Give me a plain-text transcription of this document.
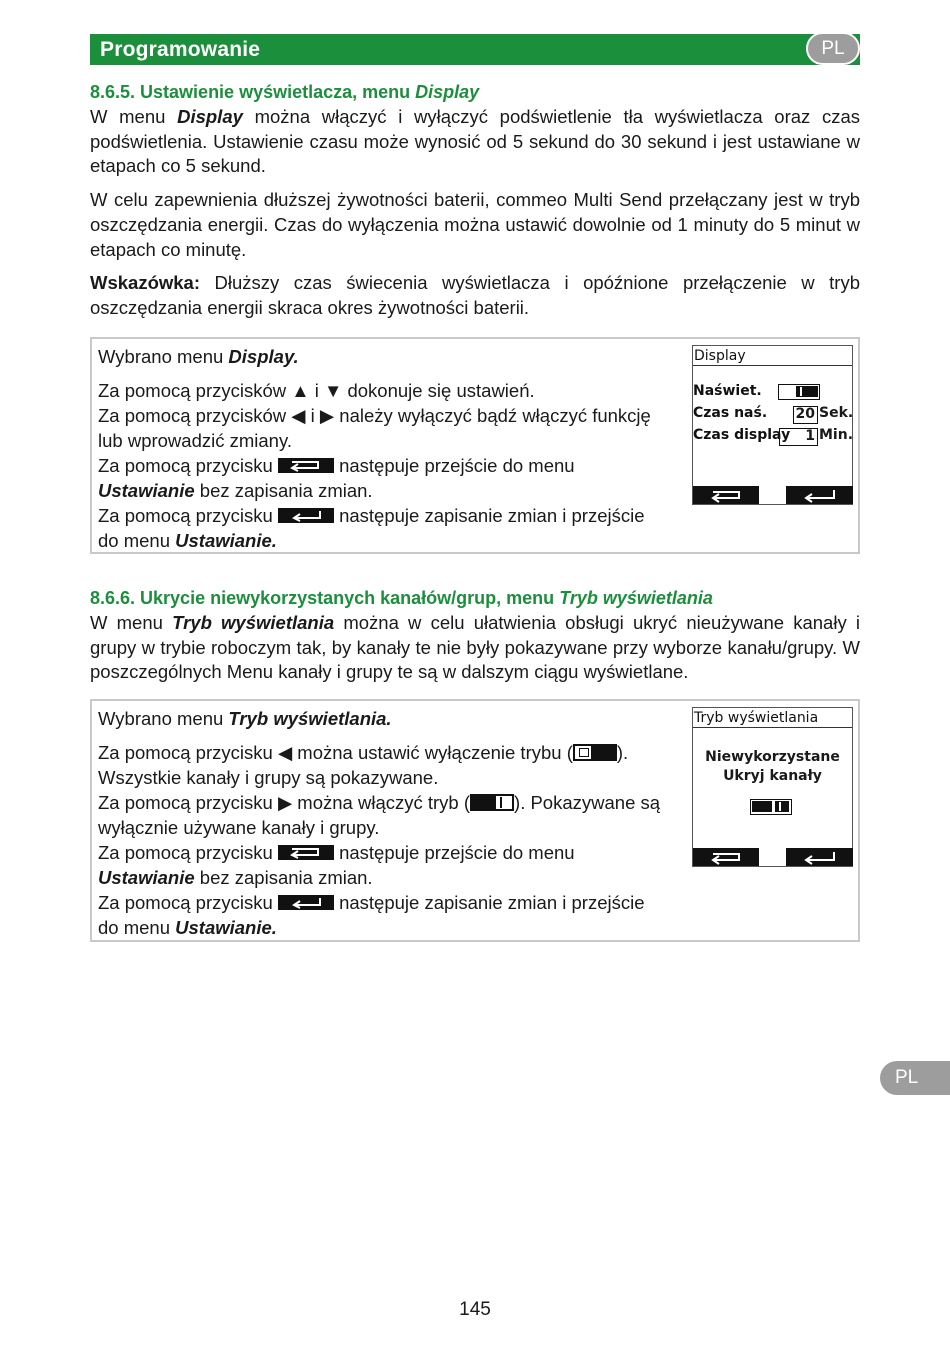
Programowanie	PL
8.6.5. Ustawienie wyświetlacza, menu Display

W menu Display można włączyć i wyłączyć podświetlenie tła wyświetlacza oraz czas podświetlenia. Ustawienie czasu może wynosić od 5 sekund do 30 sekund i jest ustawiane w etapach co 5 sekund.

W celu zapewnienia dłuższej żywotności baterii, commeo Multi Send przełączany jest w tryb oszczędzania energii. Czas do wyłączenia można ustawić dowolnie od 1 minuty do 5 minut w etapach co minutę.

Wskazówka: Dłuższy czas świecenia wyświetlacza i opóźnione przełączenie w tryb oszczędzania energii skraca okres żywotności baterii.

Wybrano menu Display.

Za pomocą przycisków ▲ i ▼ dokonuje się ustawień.

Za pomocą przycisków ◀ i ▶ należy wyłączyć bądź włączyć funkcję lub wprowadzić zmiany.

Za pomocą przycisku	następuje przejście do menu Ustawianie bez zapisania zmian.

Za pomocą przycisku	następuje zapisanie zmian i przejście do menu Ustawianie.

Display
Naświet.
Czas naś. 20 Sek.
Czas display	1 Min.
8.6.6. Ukrycie niewykorzystanych kanałów/grup, menu Tryb wyświetlania

W menu Tryb wyświetlania można w celu ułatwienia obsługi ukryć nieużywane kanały i grupy w trybie roboczym tak, by kanały te nie były pokazywane przy wyborze kanału/grupy. W poszczególnych Menu kanały i grupy te są w dalszym ciągu wyświetlane.

Wybrano menu Tryb wyświetlania.

Za pomocą przycisku ◀ można ustawić wyłączenie trybu ( ). Wszystkie kanały i grupy są pokazywane.

Za pomocą przycisku ▶ można włączyć tryb ( ). Pokazywane są wyłącznie używane kanały i grupy.

Za pomocą przycisku	następuje przejście do menu Ustawianie bez zapisania zmian.

Za pomocą przycisku	następuje zapisanie zmian i przejście do menu Ustawianie.

Tryb wyświetlania
Niewykorzystane
Ukryj kanały
PL
145
